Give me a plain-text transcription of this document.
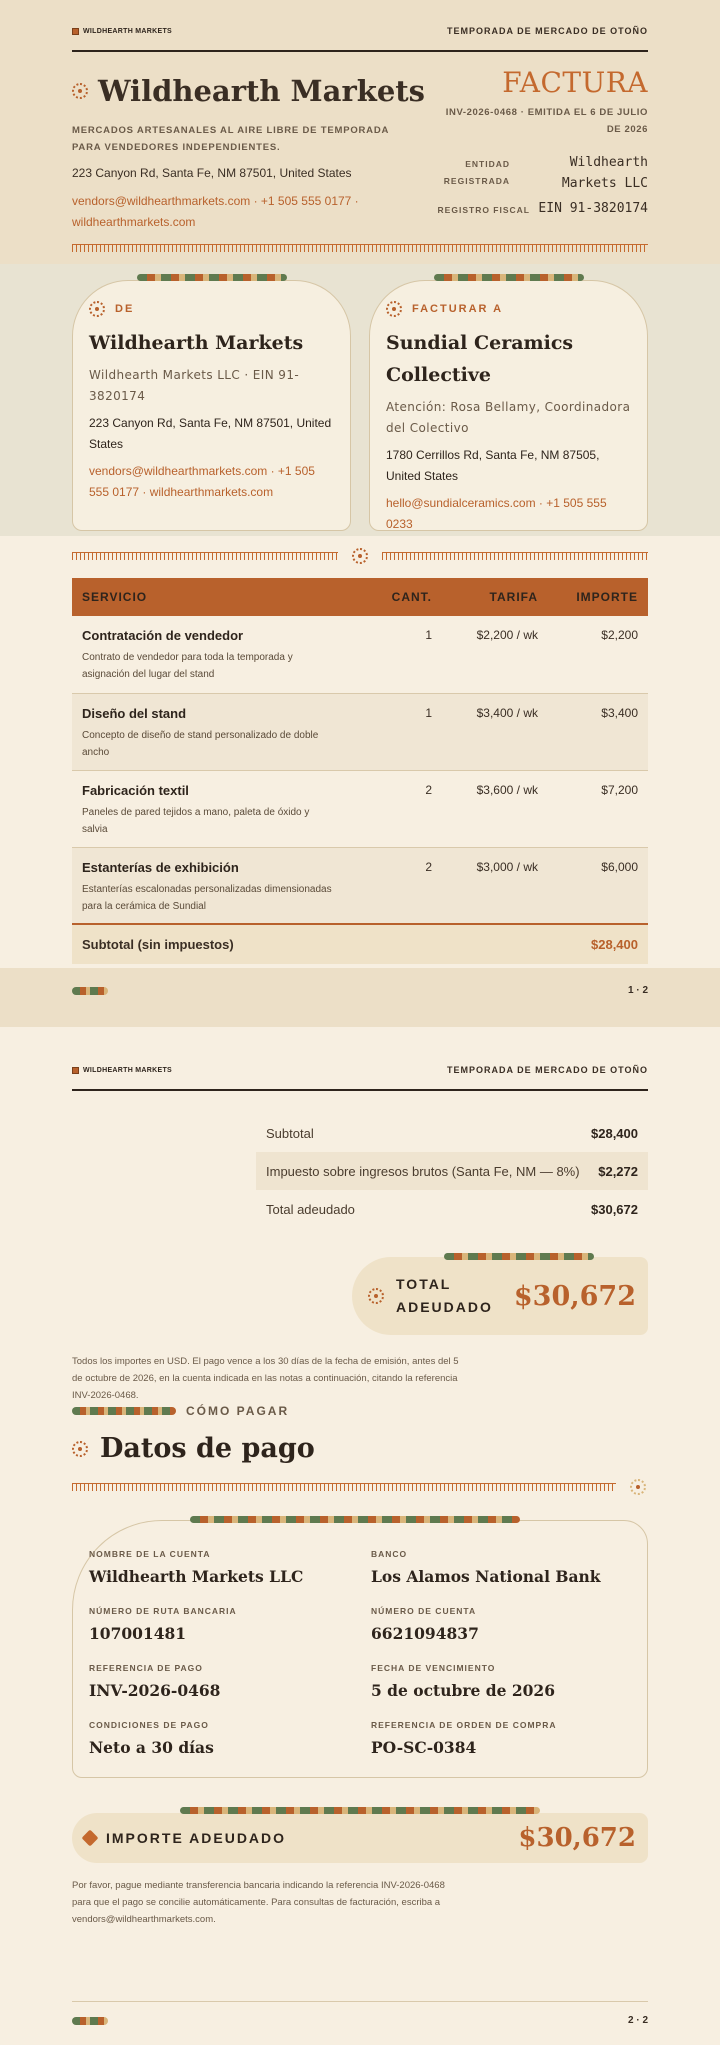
WILDHEARTH MARKETS	TEMPORADA DE MERCADO DE OTOÑO
Wildhearth Markets
MERCADOS ARTESANALES AL AIRE LIBRE DE TEMPORADA PARA VENDEDORES INDEPENDIENTES.
223 Canyon Rd, Santa Fe, NM 87501, United States
vendors@wildhearthmarkets.com · +1 505 555 0177 · wildhearthmarkets.com
FACTURA
INV-2026-0468 · EMITIDA EL 6 DE JULIO DE 2026
ENTIDAD REGISTRADA
Wildhearth Markets LLC
REGISTRO FISCAL EIN 91-3820174
DE
Wildhearth Markets
Wildhearth Markets LLC · EIN 91-3820174
223 Canyon Rd, Santa Fe, NM 87501, United States
vendors@wildhearthmarkets.com · +1 505 555 0177 · wildhearthmarkets.com
FACTURAR A
Sundial Ceramics Collective
Atención: Rosa Bellamy, Coordinadora del Colectivo
1780 Cerrillos Rd, Santa Fe, NM 87505, United States
hello@sundialceramics.com · +1 505 555 0233
SERVICIO	CANT.	TARIFA	IMPORTE

Contratación de vendedor
Contrato de vendedor para toda la temporada y asignación del lugar del stand	1	$2,200 / wk	$2,200

Diseño del stand
Concepto de diseño de stand personalizado de doble ancho	1	$3,400 / wk	$3,400

Fabricación textil
Paneles de pared tejidos a mano, paleta de óxido y salvia	2	$3,600 / wk	$7,200

Estanterías de exhibición
Estanterías escalonadas personalizadas dimensionadas para la cerámica de Sundial	2	$3,000 / wk	$6,000
Subtotal (sin impuestos)			$28,400
1 · 2
WILDHEARTH MARKETS	TEMPORADA DE MERCADO DE OTOÑO
Subtotal	$28,400
Impuesto sobre ingresos brutos (Santa Fe, NM — 8%) $2,272
Total adeudado	$30,672
TOTAL ADEUDADO $30,672
Todos los importes en USD. El pago vence a los 30 días de la fecha de emisión, antes del 5 de octubre de 2026, en la cuenta indicada en las notas a continuación, citando la referencia INV-2026-0468.
CÓMO PAGAR
Datos de pago
NOMBRE DE LA CUENTA
Wildhearth Markets LLC
BANCO
Los Alamos National Bank
NÚMERO DE RUTA BANCARIA
107001481
NÚMERO DE CUENTA
6621094837
REFERENCIA DE PAGO
INV-2026-0468
FECHA DE VENCIMIENTO
5 de octubre de 2026
CONDICIONES DE PAGO
Neto a 30 días
REFERENCIA DE ORDEN DE COMPRA
PO-SC-0384
IMPORTE ADEUDADO	$30,672
Por favor, pague mediante transferencia bancaria indicando la referencia INV-2026-0468 para que el pago se concilie automáticamente. Para consultas de facturación, escriba a vendors@wildhearthmarkets.com.
2 · 2
